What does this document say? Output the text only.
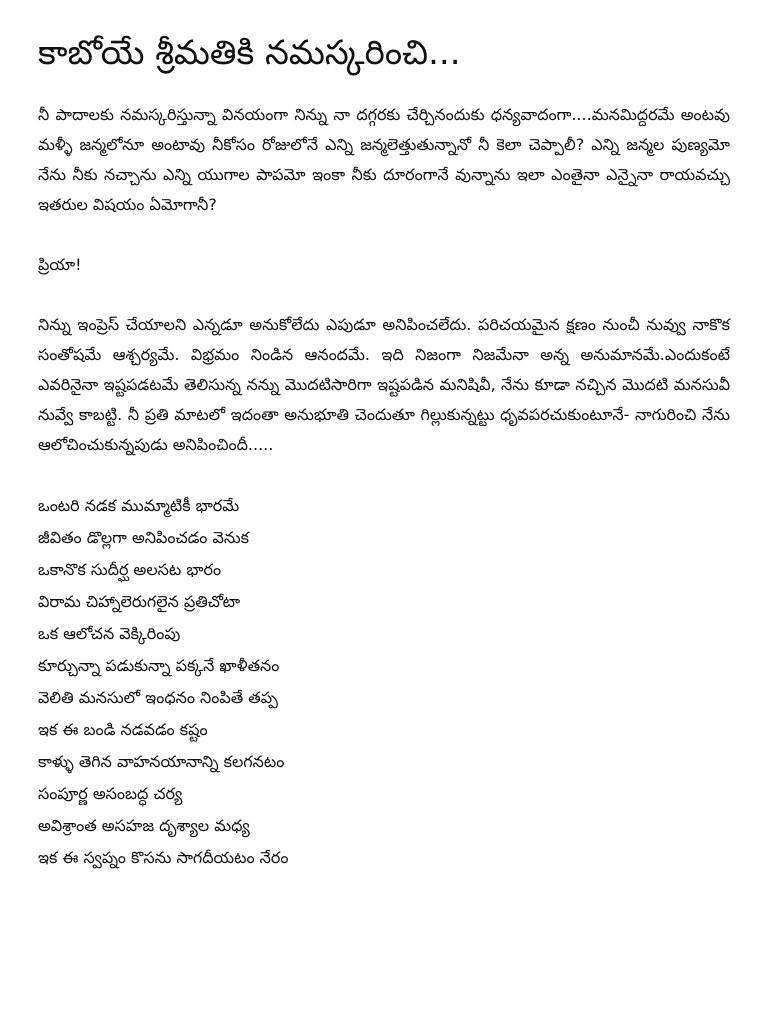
కాబోయే శ్రీమతికి నమస్కరించి...

నీ పాదాలకు నమస్కరిస్తున్నా వినయంగా నిన్ను నా దగ్గరకు చేర్చినందుకు ధన్యవాదంగా....మనమిద్దరమే అంటవు మళ్ళీ జన్మలోనూ అంటావు నీకోసం రోజులోనే ఎన్ని జన్మలెత్తుతున్నానో నీ కెలా చెప్పాలీ? ఎన్ని జన్మల పుణ్యమో నేను నీకు నచ్చాను ఎన్ని యుగాల పాపమో ఇంకా నీకు దూరంగానే వున్నాను ఇలా ఎంతైనా ఎన్నైనా రాయవచ్చు ఇతరుల విషయం ఏమోగానీ?

ప్రియా!

నిన్ను ఇంప్రెస్ చేయాలని ఎన్నడూ అనుకోలేదు ఎపుడూ అనిపించలేదు. పరిచయమైన క్షణం నుంచీ నువ్వు నాకొక సంతోషమే ఆశ్చర్యమే. విభ్రమం నిండిన ఆనందమే. ఇది నిజంగా నిజమేనా అన్న అనుమానమే.ఎందుకంటే ఎవరినైనా ఇష్టపడటమే తెలిసున్న నన్ను మొదటిసారిగా ఇష్టపడిన మనిషివీ, నేను కూడా నచ్చిన మొదటి మనసువీ నువ్వే కాబట్టి. నీ ప్రతి మాటలో ఇదంతా అనుభూతి చెందుతూ గిల్లుకున్నట్టు ధృవపరచుకుంటూనే- నాగురించి నేను ఆలోచించుకున్నపుడు అనిపించిందీ.....

ఒంటరి నడక ముమ్మాటికీ భారమే
జీవితం డొల్లగా అనిపించడం వెనుక
ఒకానొక సుదీర్ఘ అలసట భారం
విరామ చిహ్నాలెరుగలైన ప్రతిచోటా
ఒక ఆలోచన వెక్కిరింపు
కూర్చున్నా పడుకున్నా పక్కనే ఖాళీతనం
వెలితి మనసులో ఇంధనం నింపితే తప్ప
ఇక ఈ బండి నడవడం కష్టం
కాళ్ళు తెగిన వాహనయానాన్ని కలగనటం
సంపూర్ణ అసంబద్ధ చర్య
అవిశ్రాంత అసహజ దృశ్యాల మధ్య
ఇక ఈ స్వప్నం కొసను సాగదీయటం నేరం
